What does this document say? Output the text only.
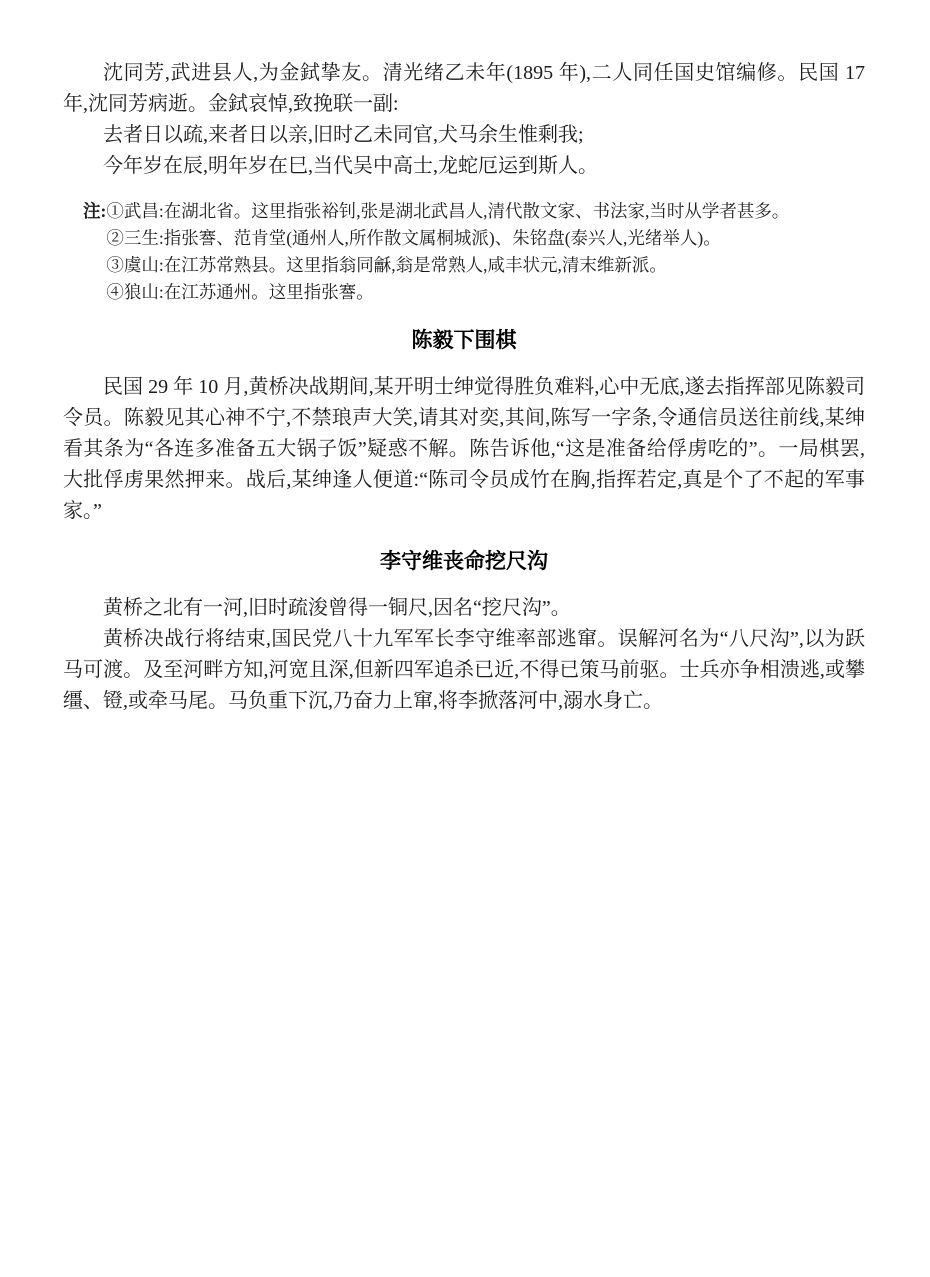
沈同芳,武进县人,为金鉽挚友。清光绪乙未年(1895 年),二人同任国史馆编修。民国 17 年,沈同芳病逝。金鉽哀悼,致挽联一副:

去者日以疏,来者日以亲,旧时乙未同官,犬马余生惟剩我;

今年岁在辰,明年岁在巳,当代吴中高士,龙蛇厄运到斯人。

注: ①武昌:在湖北省。这里指张裕钊,张是湖北武昌人,清代散文家、书法家,当时从学者甚多。

②三生:指张謇、范肯堂(通州人,所作散文属桐城派)、朱铭盘(泰兴人,光绪举人)。

③虞山:在江苏常熟县。这里指翁同龢,翁是常熟人,咸丰状元,清末维新派。

④狼山:在江苏通州。这里指张謇。

陈毅下围棋

民国 29 年 10 月,黄桥决战期间,某开明士绅觉得胜负难料,心中无底,遂去指挥部见陈毅司令员。陈毅见其心神不宁,不禁琅声大笑,请其对奕,其间,陈写一字条,令通信员送往前线,某绅看其条为“各连多准备五大锅子饭”疑惑不解。陈告诉他,“这是准备给俘虏吃的”。一局棋罢,大批俘虏果然押来。战后,某绅逢人便道:“陈司令员成竹在胸,指挥若定,真是个了不起的军事家。”

李守维丧命挖尺沟

黄桥之北有一河,旧时疏浚曾得一铜尺,因名“挖尺沟”。

黄桥决战行将结束,国民党八十九军军长李守维率部逃窜。误解河名为“八尺沟”,以为跃马可渡。及至河畔方知,河宽且深,但新四军追杀已近,不得已策马前驱。士兵亦争相溃逃,或攀缰、镫,或牵马尾。马负重下沉,乃奋力上窜,将李掀落河中,溺水身亡。
